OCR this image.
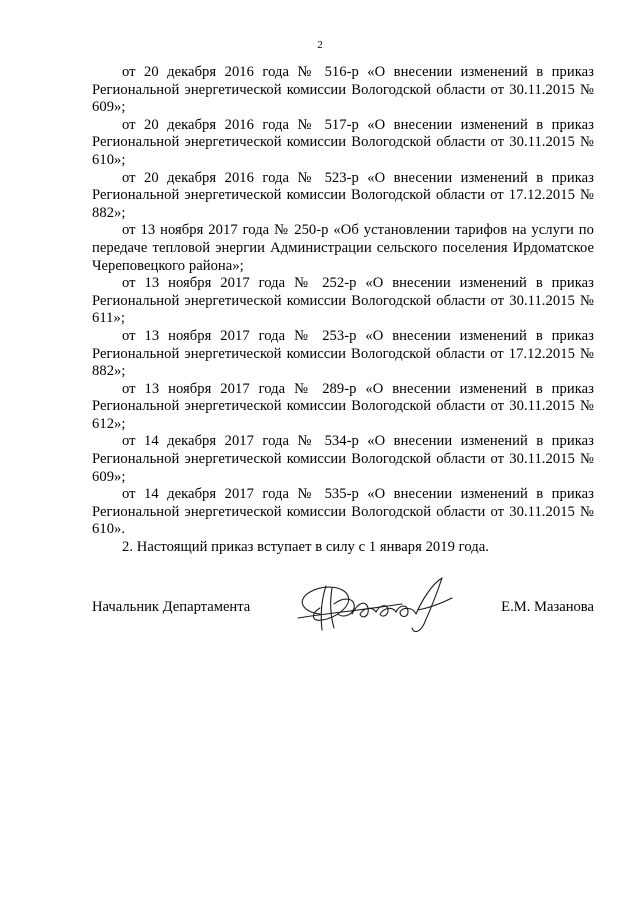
2

от 20 декабря 2016 года № 516-р «О внесении изменений в приказ Региональной энергетической комиссии Вологодской области от 30.11.2015 № 609»;

от 20 декабря 2016 года № 517-р «О внесении изменений в приказ Региональной энергетической комиссии Вологодской области от 30.11.2015 № 610»;

от 20 декабря 2016 года № 523-р «О внесении изменений в приказ Региональной энергетической комиссии Вологодской области от 17.12.2015 № 882»;

от 13 ноября 2017 года № 250-р «Об установлении тарифов на услуги по передаче тепловой энергии Администрации сельского поселения Ирдоматское Череповецкого района»;

от 13 ноября 2017 года № 252-р «О внесении изменений в приказ Региональной энергетической комиссии Вологодской области от 30.11.2015 № 611»;

от 13 ноября 2017 года № 253-р «О внесении изменений в приказ Региональной энергетической комиссии Вологодской области от 17.12.2015 № 882»;

от 13 ноября 2017 года № 289-р «О внесении изменений в приказ Региональной энергетической комиссии Вологодской области от 30.11.2015 № 612»;

от 14 декабря 2017 года № 534-р «О внесении изменений в приказ Региональной энергетической комиссии Вологодской области от 30.11.2015 № 609»;

от 14 декабря 2017 года № 535-р «О внесении изменений в приказ Региональной энергетической комиссии Вологодской области от 30.11.2015 № 610».

2. Настоящий приказ вступает в силу с 1 января 2019 года.

Начальник Департамента	Е.М. Мазанова
